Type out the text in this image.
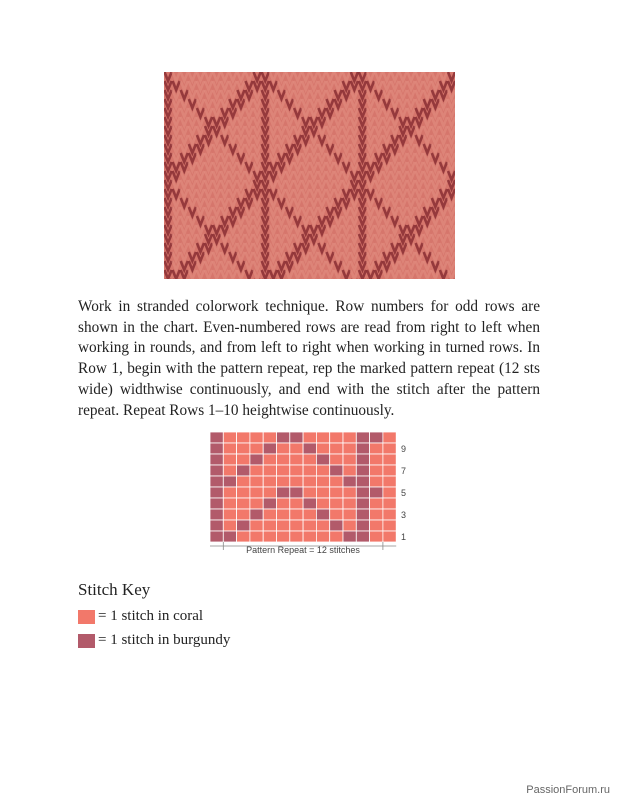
Work in stranded colorwork technique. Row numbers for odd rows are shown in the chart. Even-numbered rows are read from right to left when working in rounds, and from left to right when working in turned rows. In Row 1, begin with the pattern repeat, rep the marked pattern repeat (12 sts wide) widthwise continuously, and end with the stitch after the pattern repeat. Repeat Rows 1–10 heightwise continuously.

9
7
5
3
1
Pattern Repeat = 12 stitches
Stitch Key
= 1 stitch in coral
= 1 stitch in burgundy
PassionForum.ru
